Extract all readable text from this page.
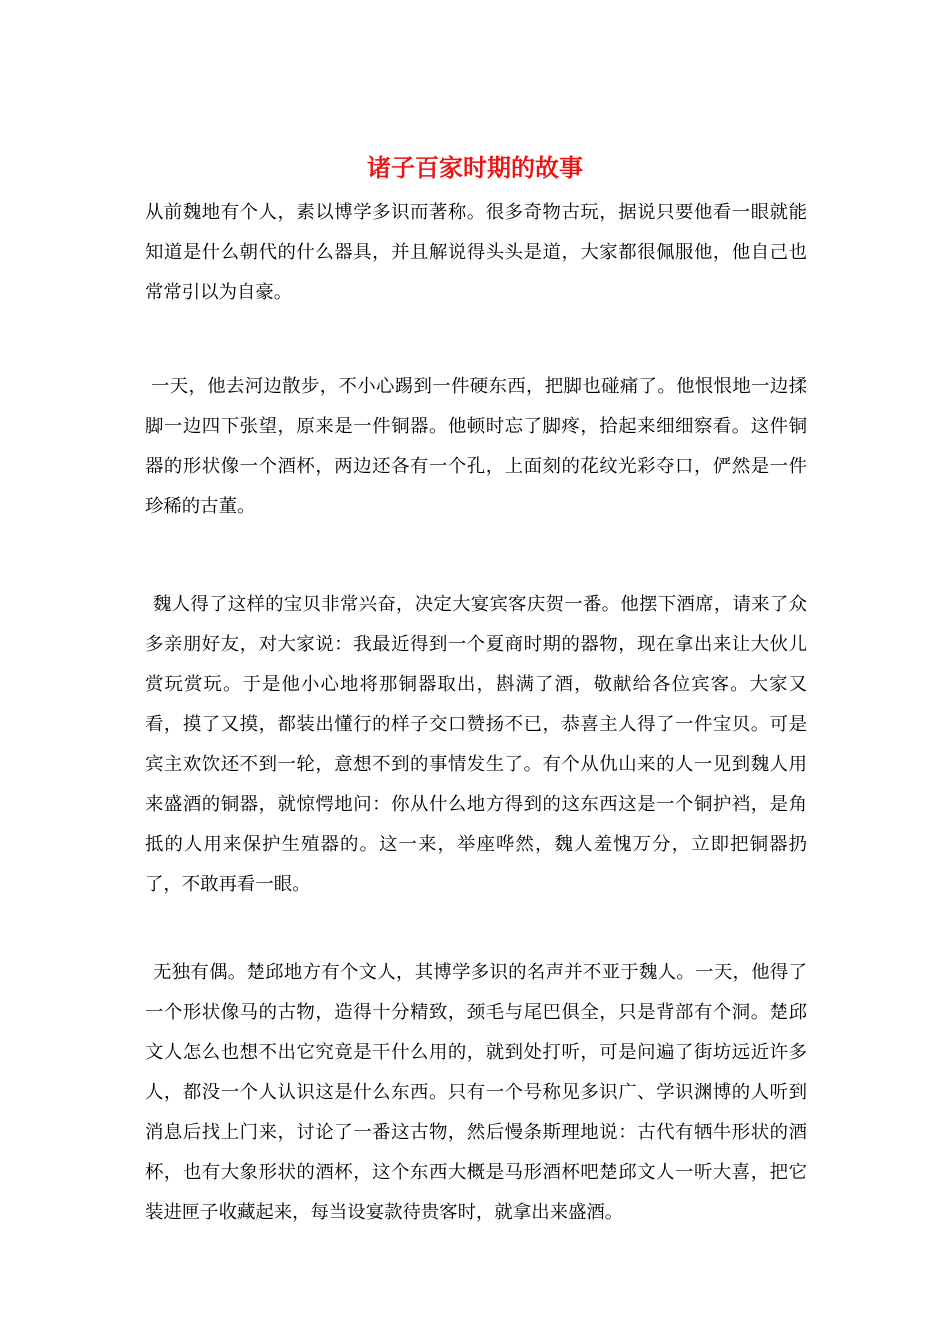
诸子百家时期的故事

从前魏地有个人，素以博学多识而著称。很多奇物古玩，据说只要他看一眼就能知道是什么朝代的什么器具，并且解说得头头是道，大家都很佩服他，他自己也常常引以为自豪。

一天，他去河边散步，不小心踢到一件硬东西，把脚也碰痛了。他恨恨地一边揉脚一边四下张望，原来是一件铜器。他顿时忘了脚疼，拾起来细细察看。这件铜器的形状像一个酒杯，两边还各有一个孔，上面刻的花纹光彩夺口，俨然是一件珍稀的古董。

魏人得了这样的宝贝非常兴奋，决定大宴宾客庆贺一番。他摆下酒席，请来了众多亲朋好友，对大家说：我最近得到一个夏商时期的器物，现在拿出来让大伙儿赏玩赏玩。于是他小心地将那铜器取出，斟满了酒，敬献给各位宾客。大家又看，摸了又摸，都装出懂行的样子交口赞扬不已，恭喜主人得了一件宝贝。可是宾主欢饮还不到一轮，意想不到的事情发生了。有个从仇山来的人一见到魏人用来盛酒的铜器，就惊愕地问：你从什么地方得到的这东西这是一个铜护裆，是角抵的人用来保护生殖器的。这一来，举座哗然，魏人羞愧万分，立即把铜器扔了，不敢再看一眼。

无独有偶。楚邱地方有个文人，其博学多识的名声并不亚于魏人。一天，他得了一个形状像马的古物，造得十分精致，颈毛与尾巴俱全，只是背部有个洞。楚邱文人怎么也想不出它究竟是干什么用的，就到处打听，可是问遍了街坊远近许多人，都没一个人认识这是什么东西。只有一个号称见多识广、学识渊博的人听到消息后找上门来，讨论了一番这古物，然后慢条斯理地说：古代有牺牛形状的酒杯，也有大象形状的酒杯，这个东西大概是马形酒杯吧楚邱文人一听大喜，把它装进匣子收藏起来，每当设宴款待贵客时，就拿出来盛酒。
